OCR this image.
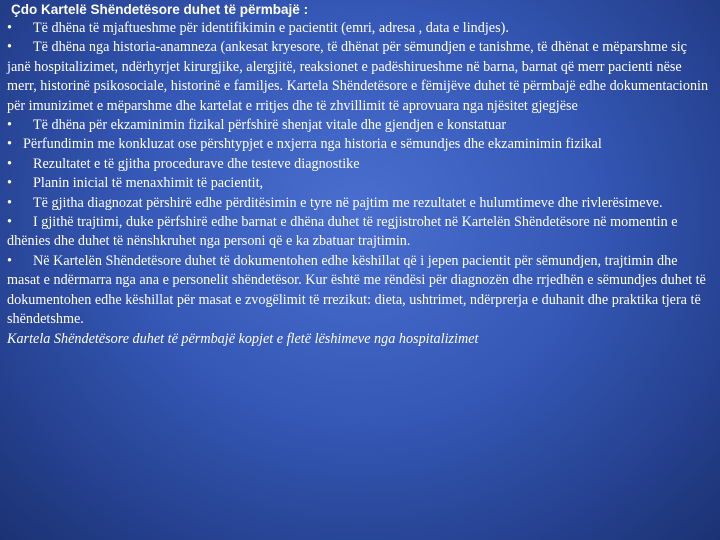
Çdo Kartelë Shëndetësore duhet të përmbajë :

• Të dhëna të mjaftueshme për identifikimin e pacientit (emri, adresa , data e lindjes).

• Të dhëna nga historia-anamneza (ankesat kryesore, të dhënat për sëmundjen e tanishme, të dhënat e mëparshme siç janë hospitalizimet, ndërhyrjet kirurgjike, alergjitë, reaksionet e padëshirueshme në barna, barnat që merr pacienti nëse merr, historinë psikosociale, historinë e familjes. Kartela Shëndetësore e fëmijëve duhet të përmbajë edhe dokumentacionin për imunizimet e mëparshme dhe kartelat e rritjes dhe të zhvillimit të aprovuara nga njësitet gjegjëse

• Të dhëna për ekzaminimin fizikal përfshirë shenjat vitale dhe gjendjen e konstatuar

• Përfundimin me konkluzat ose përshtypjet e nxjerra nga historia e sëmundjes dhe ekzaminimin fizikal

• Rezultatet e të gjitha procedurave dhe testeve diagnostike

• Planin inicial të menaxhimit të pacientit,

• Të gjitha diagnozat përshirë edhe përditësimin e tyre në pajtim me rezultatet e hulumtimeve dhe rivlerësimeve.

• I gjithë trajtimi, duke përfshirë edhe barnat e dhëna duhet të regjistrohet në Kartelën Shëndetësore në momentin e dhënies dhe duhet të nënshkruhet nga personi që e ka zbatuar trajtimin.

• Në Kartelën Shëndetësore duhet të dokumentohen edhe këshillat që i jepen pacientit për sëmundjen, trajtimin dhe masat e ndërmarra nga ana e personelit shëndetësor. Kur është me rëndësi për diagnozën dhe rrjedhën e sëmundjes duhet të dokumentohen edhe këshillat për masat e zvogëlimit të rrezikut: dieta, ushtrimet, ndërprerja e duhanit dhe praktika tjera të shëndetshme.

Kartela Shëndetësore duhet të përmbajë kopjet e fletë lëshimeve nga hospitalizimet
